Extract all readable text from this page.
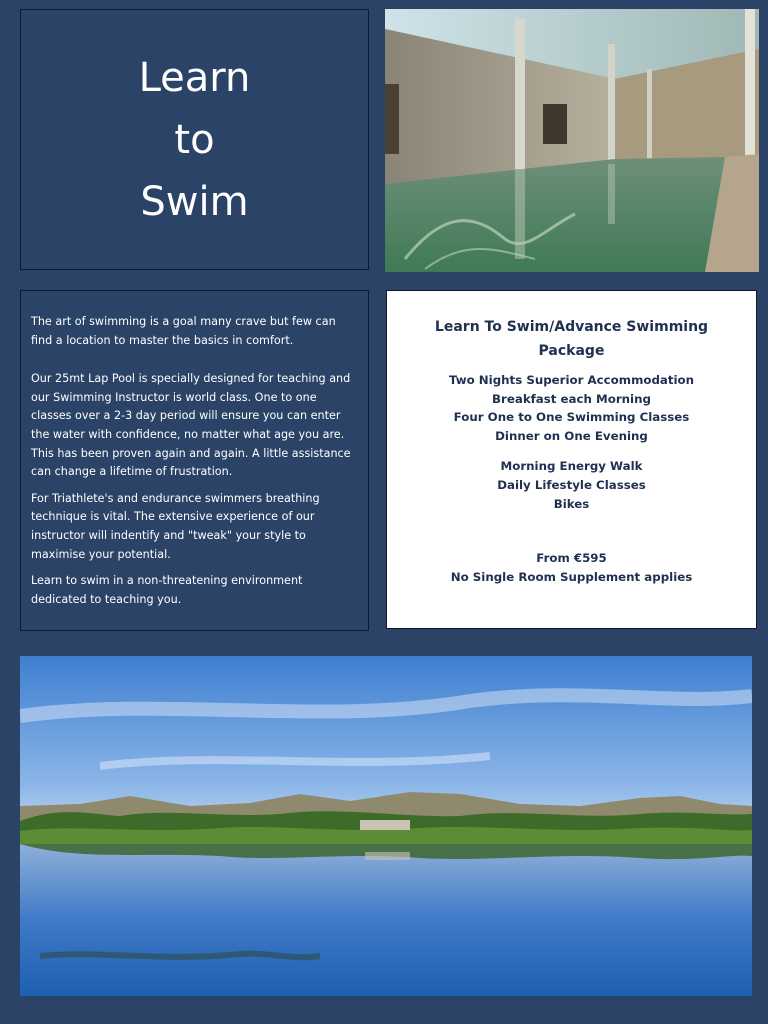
Learn
to
Swim

The art of swimming is a goal many crave but few can find a location to master the basics in comfort.

Our 25mt Lap Pool is specially designed for teaching and our Swimming Instructor is world class. One to one classes over a 2-3 day period will ensure you can enter the water with confidence, no matter what age you are. This has been proven again and again. A little assistance can change a lifetime of frustration.

For Triathlete's and endurance swimmers breathing technique is vital. The extensive experience of our instructor will indentify and "tweak" your style to maximise your potential.

Learn to swim in a non-threatening environment dedicated to teaching you.

Learn To Swim/Advance Swimming Package
Two Nights Superior Accommodation
Breakfast each Morning
Four One to One Swimming Classes
Dinner on One Evening
Morning Energy Walk
Daily Lifestyle Classes
Bikes
From €595
No Single Room Supplement applies
